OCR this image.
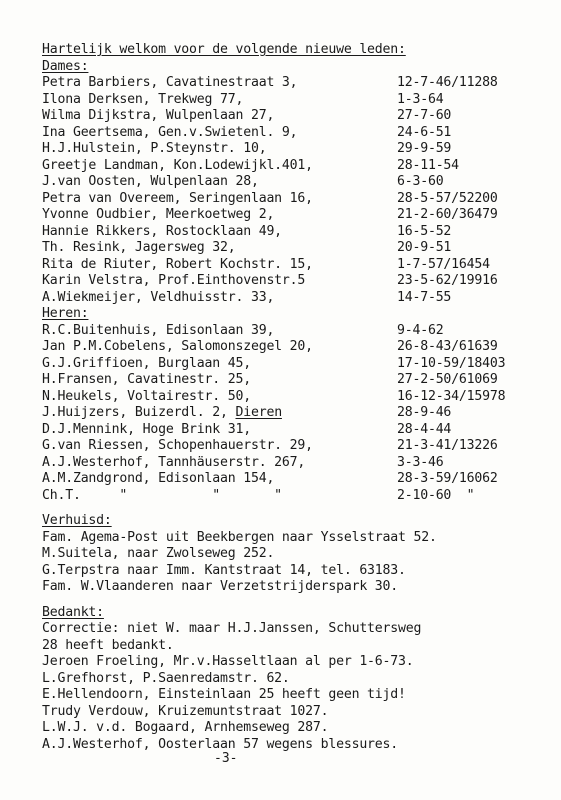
Hartelijk welkom voor de volgende nieuwe leden:
Dames:
Petra Barbiers, Cavatinestraat 3,	12-7-46/11288
Ilona Derksen, Trekweg 77,	1-3-64
Wilma Dijkstra, Wulpenlaan 27,	27-7-60
Ina Geertsema, Gen.v.Swietenl. 9,	24-6-51
H.J.Hulstein, P.Steynstr. 10,	29-9-59
Greetje Landman, Kon.Lodewijkl.401,	28-11-54
J.van Oosten, Wulpenlaan 28,	6-3-60
Petra van Overeem, Seringenlaan 16,	28-5-57/52200
Yvonne Oudbier, Meerkoetweg 2,	21-2-60/36479
Hannie Rikkers, Rostocklaan 49,	16-5-52
Th. Resink, Jagersweg 32,	20-9-51
Rita de Riuter, Robert Kochstr. 15,	1-7-57/16454
Karin Velstra, Prof.Einthovenstr.5	23-5-62/19916
A.Wiekmeijer, Veldhuisstr. 33,	14-7-55
Heren:
R.C.Buitenhuis, Edisonlaan 39,	9-4-62
Jan P.M.Cobelens, Salomonszegel 20,	26-8-43/61639
G.J.Griffioen, Burglaan 45,	17-10-59/18403
H.Fransen, Cavatinestr. 25,	27-2-50/61069
N.Heukels, Voltairestr. 50,	16-12-34/15978
J.Huijzers, Buizerdl. 2, Dieren	28-9-46
D.J.Mennink, Hoge Brink 31,	28-4-44
G.van Riessen, Schopenhauerstr. 29,	21-3-41/13226
A.J.Westerhof, Tannhäuserstr. 267,	3-3-46
A.M.Zandgrond, Edisonlaan 154,	28-3-59/16062
Ch.T.     "           "       "	2-10-60  "
Verhuisd:
Fam. Agema-Post uit Beekbergen naar Ysselstraat 52.
M.Suitela, naar Zwolseweg 252.
G.Terpstra naar Imm. Kantstraat 14, tel. 63183.
Fam. W.Vlaanderen naar Verzetstrijderspark 30.
Bedankt:
Correctie: niet W. maar H.J.Janssen, Schuttersweg
28 heeft bedankt.
Jeroen Froeling, Mr.v.Hasseltlaan al per 1-6-73.
L.Grefhorst, P.Saenredamstr. 62.
E.Hellendoorn, Einsteinlaan 25 heeft geen tijd!
Trudy Verdouw, Kruizemuntstraat 1027.
L.W.J. v.d. Bogaard, Arnhemseweg 287.
A.J.Westerhof, Oosterlaan 57 wegens blessures.
-3-
